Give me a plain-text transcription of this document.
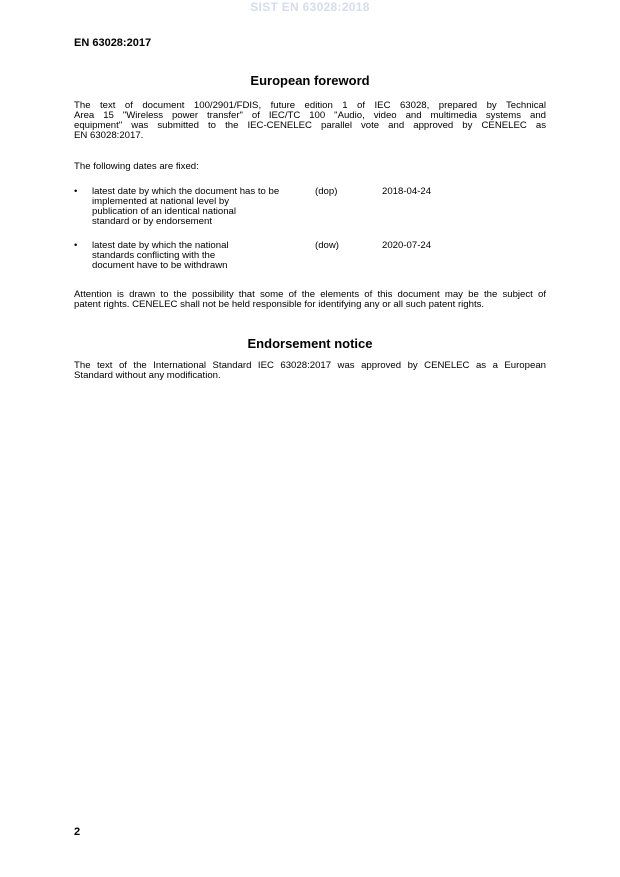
SIST EN 63028:2018
EN 63028:2017
European foreword
The text of document 100/2901/FDIS, future edition 1 of IEC 63028, prepared by Technical
Area 15 "Wireless power transfer" of IEC/TC 100 "Audio, video and multimedia systems and
equipment" was submitted to the IEC-CENELEC parallel vote and approved by CENELEC as
EN 63028:2017.
The following dates are fixed:
• latest date by which the document has to be
implemented at national level by
publication of an identical national
standard or by endorsement
(dop)	2018-04-24
• latest date by which the national
standards conflicting with the
document have to be withdrawn
(dow)	2020-07-24
Attention is drawn to the possibility that some of the elements of this document may be the subject of
patent rights. CENELEC shall not be held responsible for identifying any or all such patent rights.
Endorsement notice
The text of the International Standard IEC 63028:2017 was approved by CENELEC as a European
Standard without any modification.
2
